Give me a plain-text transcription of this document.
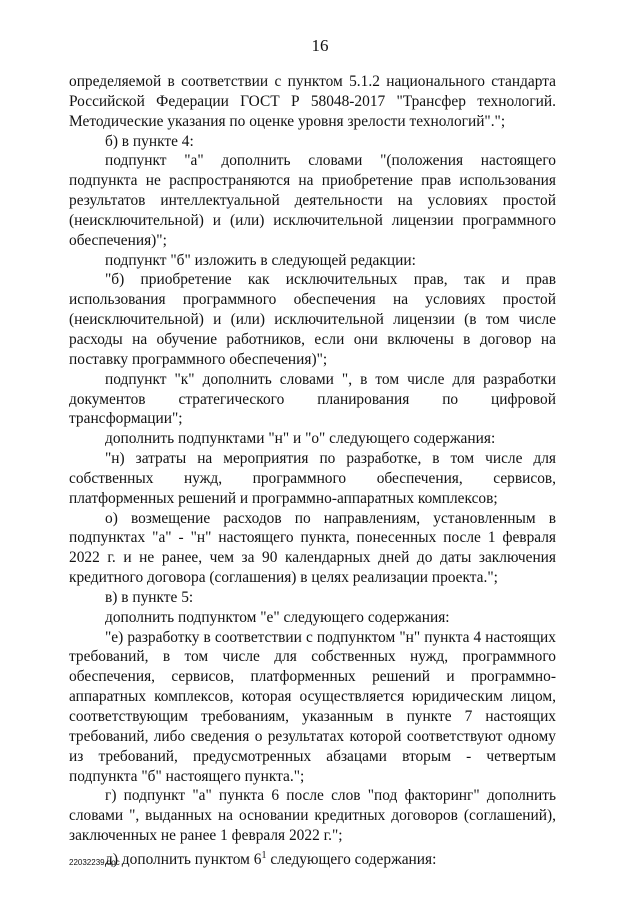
16

определяемой в соответствии с пунктом 5.1.2 национального стандарта Российской Федерации ГОСТ Р 58048-2017 "Трансфер технологий. Методические указания по оценке уровня зрелости технологий".";

б) в пункте 4:

подпункт "а" дополнить словами "(положения настоящего подпункта не распространяются на приобретение прав использования результатов интеллектуальной деятельности на условиях простой (неисключительной) и (или) исключительной лицензии программного обеспечения)";

подпункт "б" изложить в следующей редакции:

"б) приобретение как исключительных прав, так и прав использования программного обеспечения на условиях простой (неисключительной) и (или) исключительной лицензии (в том числе расходы на обучение работников, если они включены в договор на поставку программного обеспечения)";

подпункт "к" дополнить словами ", в том числе для разработки документов стратегического планирования по цифровой трансформации";

дополнить подпунктами "н" и "о" следующего содержания:

"н) затраты на мероприятия по разработке, в том числе для собственных нужд, программного обеспечения, сервисов, платформенных решений и программно-аппаратных комплексов;

о) возмещение расходов по направлениям, установленным в подпунктах "а" - "н" настоящего пункта, понесенных после 1 февраля 2022 г. и не ранее, чем за 90 календарных дней до даты заключения кредитного договора (соглашения) в целях реализации проекта.";

в) в пункте 5:

дополнить подпунктом "е" следующего содержания:

"е) разработку в соответствии с подпунктом "н" пункта 4 настоящих требований, в том числе для собственных нужд, программного обеспечения, сервисов, платформенных решений и программно-аппаратных комплексов, которая осуществляется юридическим лицом, соответствующим требованиям, указанным в пункте 7 настоящих требований, либо сведения о результатах которой соответствуют одному из требований, предусмотренных абзацами вторым - четвертым подпункта "б" настоящего пункта.";

г) подпункт "а" пункта 6 после слов "под факторинг" дополнить словами ", выданных на основании кредитных договоров (соглашений), заключенных не ранее 1 февраля 2022 г.";

д) дополнить пунктом $6^1$ следующего содержания:

22032239.doc
